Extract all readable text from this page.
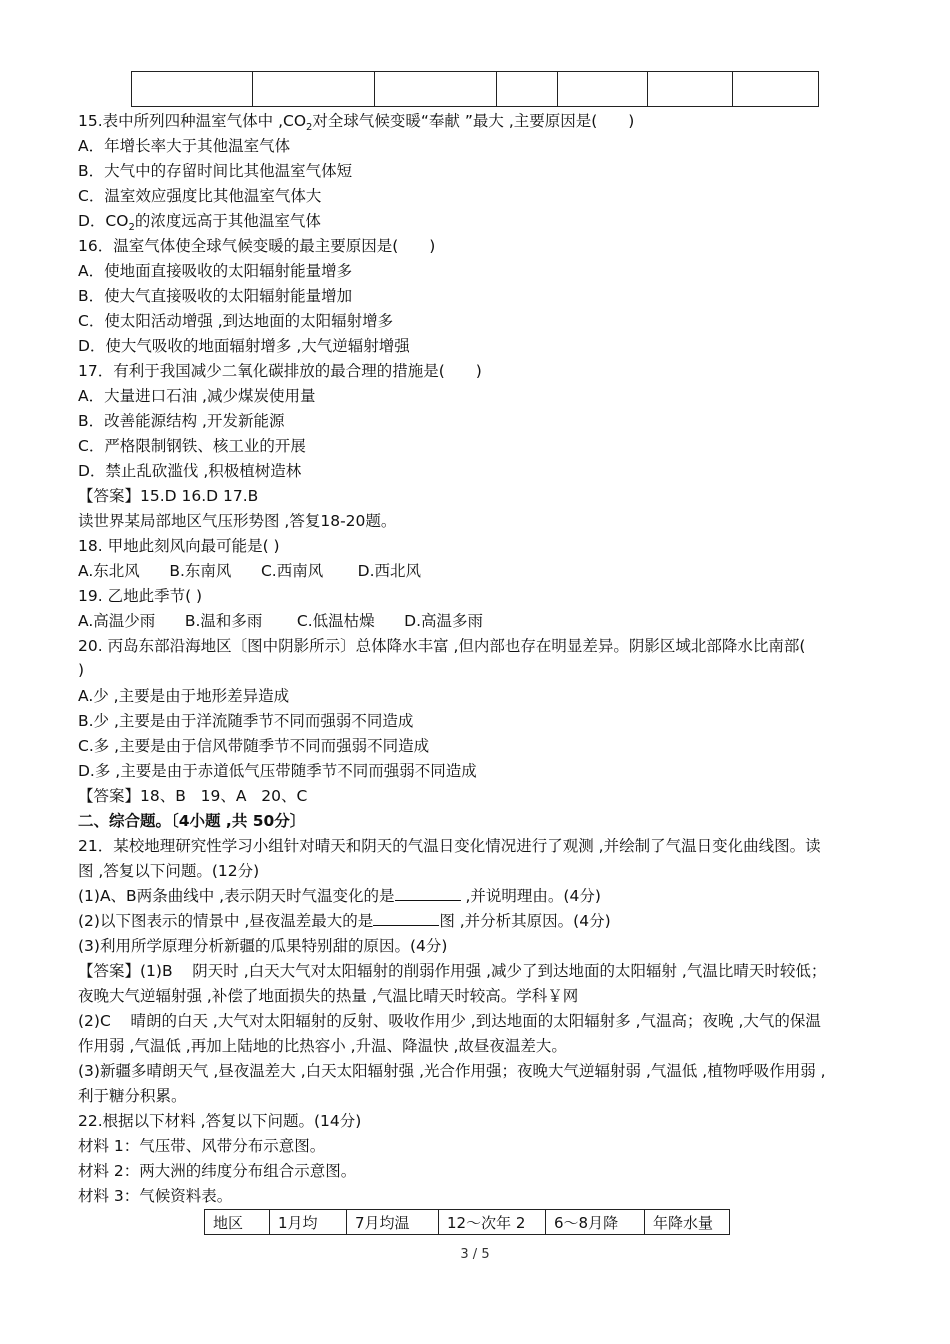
15.表中所列四种温室气体中 $,CO_2$对全球气候变暖“奉献 ”最大 ,主要原因是(　　)
A．年增长率大于其他温室气体
B．大气中的存留时间比其他温室气体短
C．温室效应强度比其他温室气体大
D．$CO_2$的浓度远高于其他温室气体
16．温室气体使全球气候变暖的最主要原因是(　　)
A．使地面直接吸收的太阳辐射能量增多
B．使大气直接吸收的太阳辐射能量增加
C．使太阳活动增强 ,到达地面的太阳辐射增多
D．使大气吸收的地面辐射增多 ,大气逆辐射增强
17．有利于我国减少二氧化碳排放的最合理的措施是(　　)
A．大量进口石油 ,减少煤炭使用量
B．改善能源结构 ,开发新能源
C．严格限制钢铁、核工业的开展
D．禁止乱砍滥伐 ,积极植树造林
【答案】15.D 16.D 17.B
读世界某局部地区气压形势图 ,答复18-20题。
18. 甲地此刻风向最可能是( )
A.东北风      B.东南风      C.西南风       D.西北风
19. 乙地此季节( )
A.高温少雨      B.温和多雨       C.低温枯燥      D.高温多雨
20. 丙岛东部沿海地区〔图中阴影所示〕总体降水丰富 ,但内部也存在明显差异。阴影区域北部降水比南部(
)
A.少 ,主要是由于地形差异造成
B.少 ,主要是由于洋流随季节不同而强弱不同造成
C.多 ,主要是由于信风带随季节不同而强弱不同造成
D.多 ,主要是由于赤道低气压带随季节不同而强弱不同造成
【答案】18、B   19、A   20、C
二、综合题。〔4小题 ,共 50分〕
21．某校地理研究性学习小组针对晴天和阴天的气温日变化情况进行了观测 ,并绘制了气温日变化曲线图。读
图 ,答复以下问题。(12分)
(1)A、B两条曲线中 ,表示阴天时气温变化的是	,并说明理由。(4分)
(2)以下图表示的情景中 ,昼夜温差最大的是	图 ,并分析其原因。(4分)
(3)利用所学原理分析新疆的瓜果特别甜的原因。(4分)
【答案】(1)B    阴天时 ,白天大气对太阳辐射的削弱作用强 ,减少了到达地面的太阳辐射 ,气温比晴天时较低；
夜晚大气逆辐射强 ,补偿了地面损失的热量 ,气温比晴天时较高。学科￥网
(2)C    晴朗的白天 ,大气对太阳辐射的反射、吸收作用少 ,到达地面的太阳辐射多 ,气温高；夜晚 ,大气的保温
作用弱 ,气温低 ,再加上陆地的比热容小 ,升温、降温快 ,故昼夜温差大。
(3)新疆多晴朗天气 ,昼夜温差大 ,白天太阳辐射强 ,光合作用强；夜晚大气逆辐射弱 ,气温低 ,植物呼吸作用弱 ,
利于糖分积累。
22.根据以下材料 ,答复以下问题。(14分)
材料 1：气压带、风带分布示意图。
材料 2：两大洲的纬度分布组合示意图。
材料 3：气候资料表。
地区	1月均	7月均温	12～次年 2	6～8月降	年降水量
3 / 5
